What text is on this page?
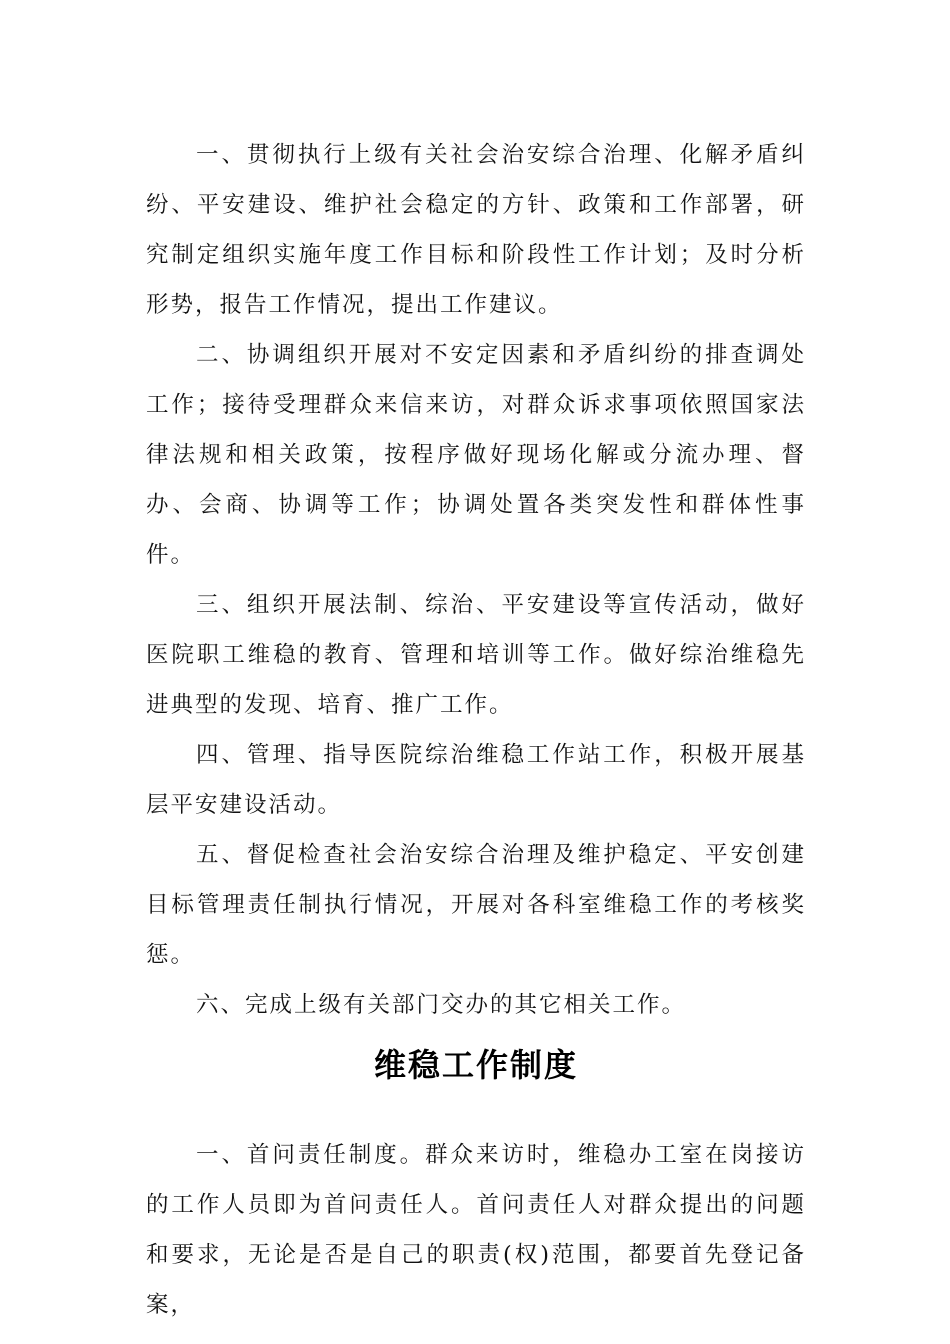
一、贯彻执行上级有关社会治安综合治理、化解矛盾纠纷、平安建设、维护社会稳定的方针、政策和工作部署，研究制定组织实施年度工作目标和阶段性工作计划；及时分析形势，报告工作情况，提出工作建议。

二、协调组织开展对不安定因素和矛盾纠纷的排查调处工作；接待受理群众来信来访，对群众诉求事项依照国家法律法规和相关政策，按程序做好现场化解或分流办理、督办、会商、协调等工作；协调处置各类突发性和群体性事件。

三、组织开展法制、综治、平安建设等宣传活动，做好医院职工维稳的教育、管理和培训等工作。做好综治维稳先进典型的发现、培育、推广工作。

四、管理、指导医院综治维稳工作站工作，积极开展基层平安建设活动。

五、督促检查社会治安综合治理及维护稳定、平安创建目标管理责任制执行情况，开展对各科室维稳工作的考核奖惩。

六、完成上级有关部门交办的其它相关工作。

维稳工作制度

一、首问责任制度。群众来访时，维稳办工室在岗接访的工作人员即为首问责任人。首问责任人对群众提出的问题和要求，无论是否是自己的职责(权)范围，都要首先登记备案，
